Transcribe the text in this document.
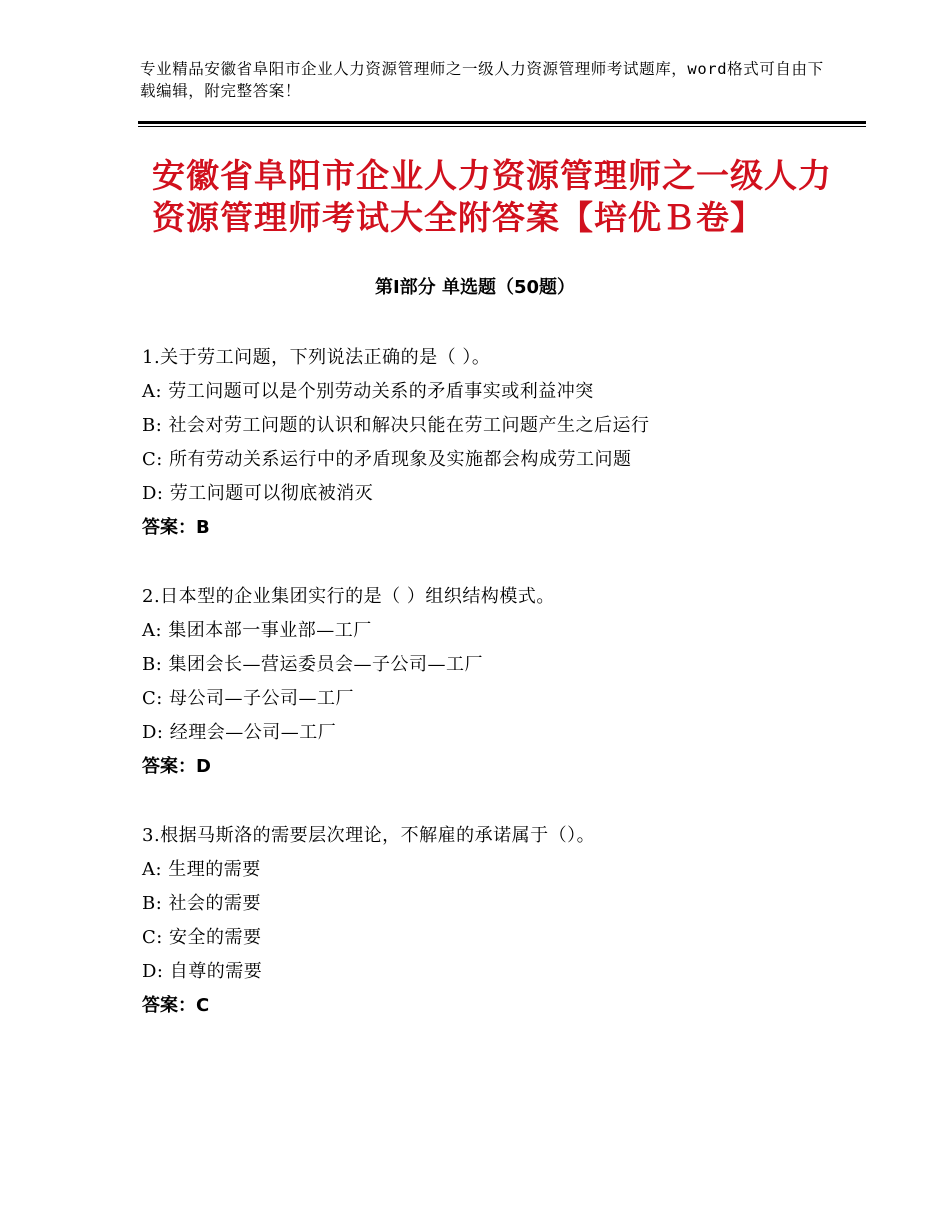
专业精品安徽省阜阳市企业人力资源管理师之一级人力资源管理师考试题库，word格式可自由下载编辑，附完整答案！
安徽省阜阳市企业人力资源管理师之一级人力资源管理师考试大全附答案【培优Ｂ卷】
第Ⅰ部分 单选题（50题）
1.关于劳工问题，下列说法正确的是（ ）。
A: 劳工问题可以是个别劳动关系的矛盾事实或利益冲突
B: 社会对劳工问题的认识和解决只能在劳工问题产生之后运行
C: 所有劳动关系运行中的矛盾现象及实施都会构成劳工问题
D: 劳工问题可以彻底被消灭
答案：B
2.日本型的企业集团实行的是（ ）组织结构模式。
A: 集团本部一事业部—工厂
B: 集团会长—营运委员会—子公司—工厂
C: 母公司—子公司—工厂
D: 经理会—公司—工厂
答案：D
3.根据马斯洛的需要层次理论，不解雇的承诺属于（）。
A: 生理的需要
B: 社会的需要
C: 安全的需要
D: 自尊的需要
答案：C
